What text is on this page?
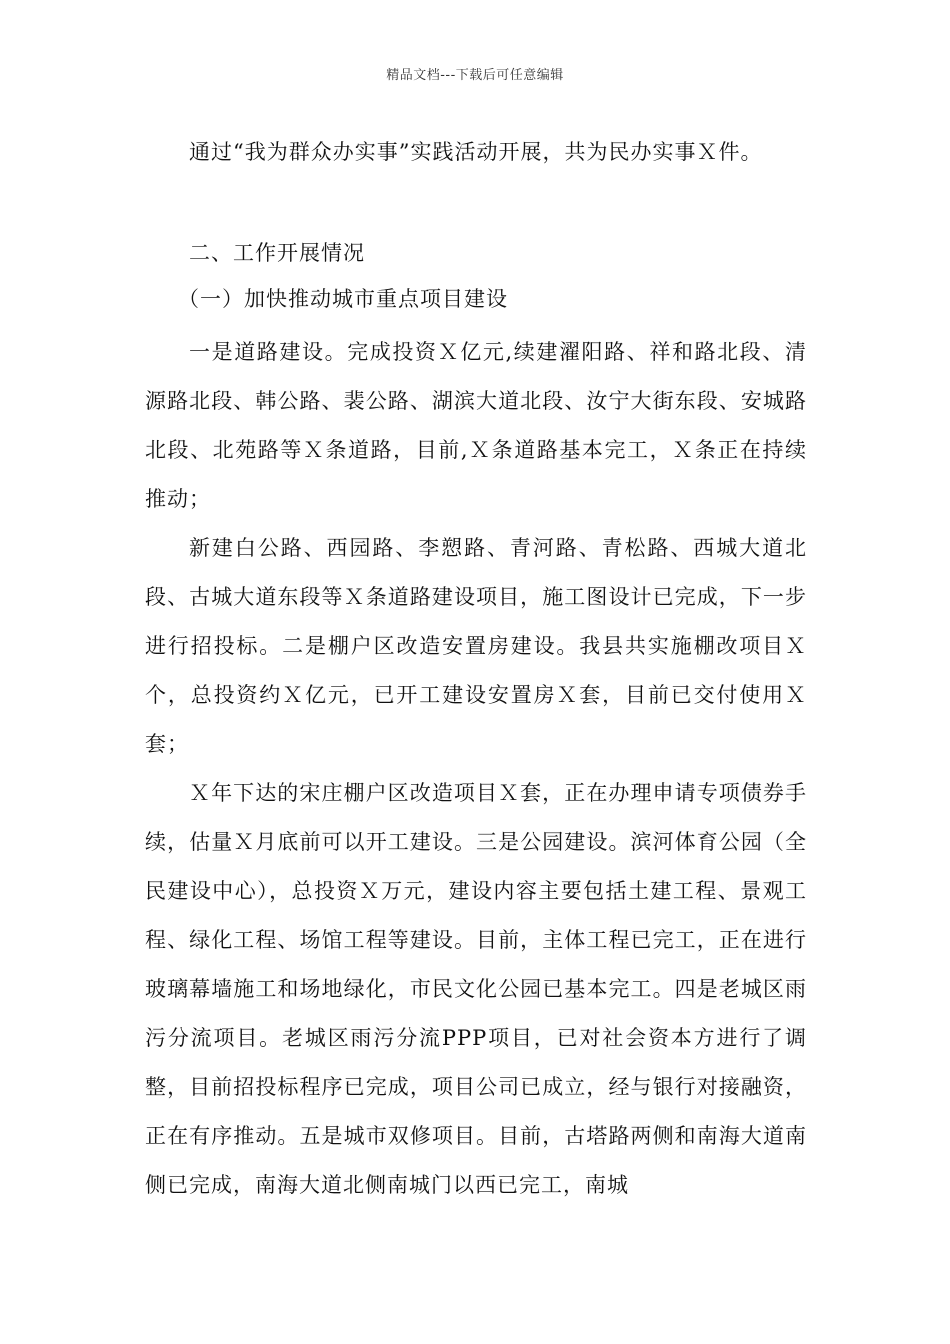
精品文档---下载后可任意编辑

通过“我为群众办实事”实践活动开展，共为民办实事Ｘ件。

二、工作开展情况

（一）加快推动城市重点项目建设

一是道路建设。完成投资Ｘ亿元,续建濯阳路、祥和路北段、清源路北段、韩公路、裴公路、湖滨大道北段、汝宁大街东段、安城路北段、北苑路等Ｘ条道路，目前,Ｘ条道路基本完工，Ｘ条正在持续推动；

新建白公路、西园路、李愬路、青河路、青松路、西城大道北段、古城大道东段等Ｘ条道路建设项目，施工图设计已完成，下一步进行招投标。二是棚户区改造安置房建设。我县共实施棚改项目Ｘ个，总投资约Ｘ亿元，已开工建设安置房Ｘ套，目前已交付使用Ｘ套；

Ｘ年下达的宋庄棚户区改造项目Ｘ套，正在办理申请专项债券手续，估量Ｘ月底前可以开工建设。三是公园建设。滨河体育公园（全民建设中心），总投资Ｘ万元，建设内容主要包括土建工程、景观工程、绿化工程、场馆工程等建设。目前，主体工程已完工，正在进行玻璃幕墙施工和场地绿化，市民文化公园已基本完工。四是老城区雨污分流项目。老城区雨污分流PPP项目，已对社会资本方进行了调整，目前招投标程序已完成，项目公司已成立，经与银行对接融资，正在有序推动。五是城市双修项目。目前，古塔路两侧和南海大道南侧已完成，南海大道北侧南城门以西已完工，南城
